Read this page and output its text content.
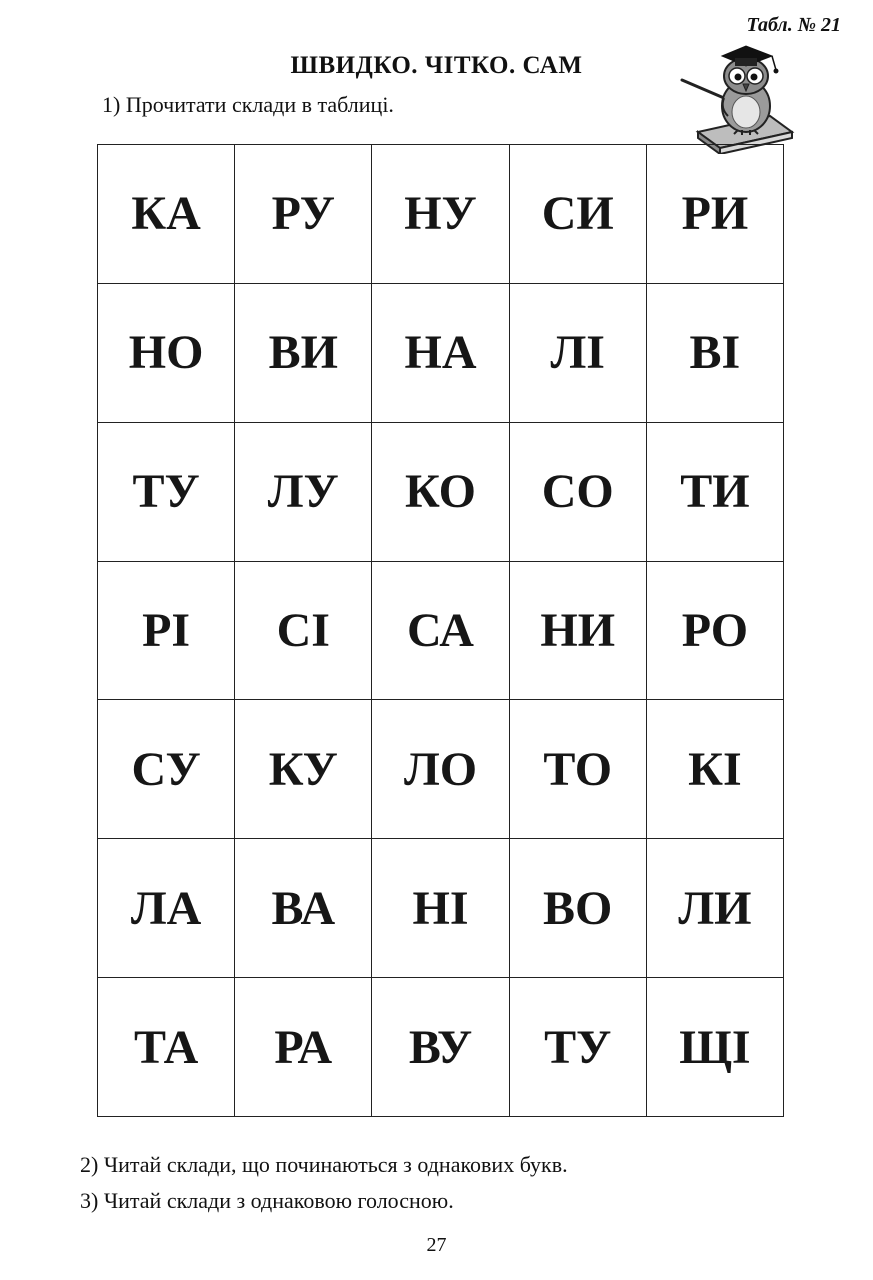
Табл. № 21
ШВИДКО. ЧІТКО. САМ
1) Прочитати склади в таблиці.
КА	РУ	НУ	СИ	РИ
НО	ВИ	НА	ЛІ	ВІ
ТУ	ЛУ	КО	СО	ТИ
РІ	СІ	СА	НИ	РО
СУ	КУ	ЛО	ТО	КІ
ЛА	ВА	НІ	ВО	ЛИ
ТА	РА	ВУ	ТУ	ЩІ
2) Читай склади, що починаються з однакових букв.
3) Читай склади з однаковою голосною.
27
